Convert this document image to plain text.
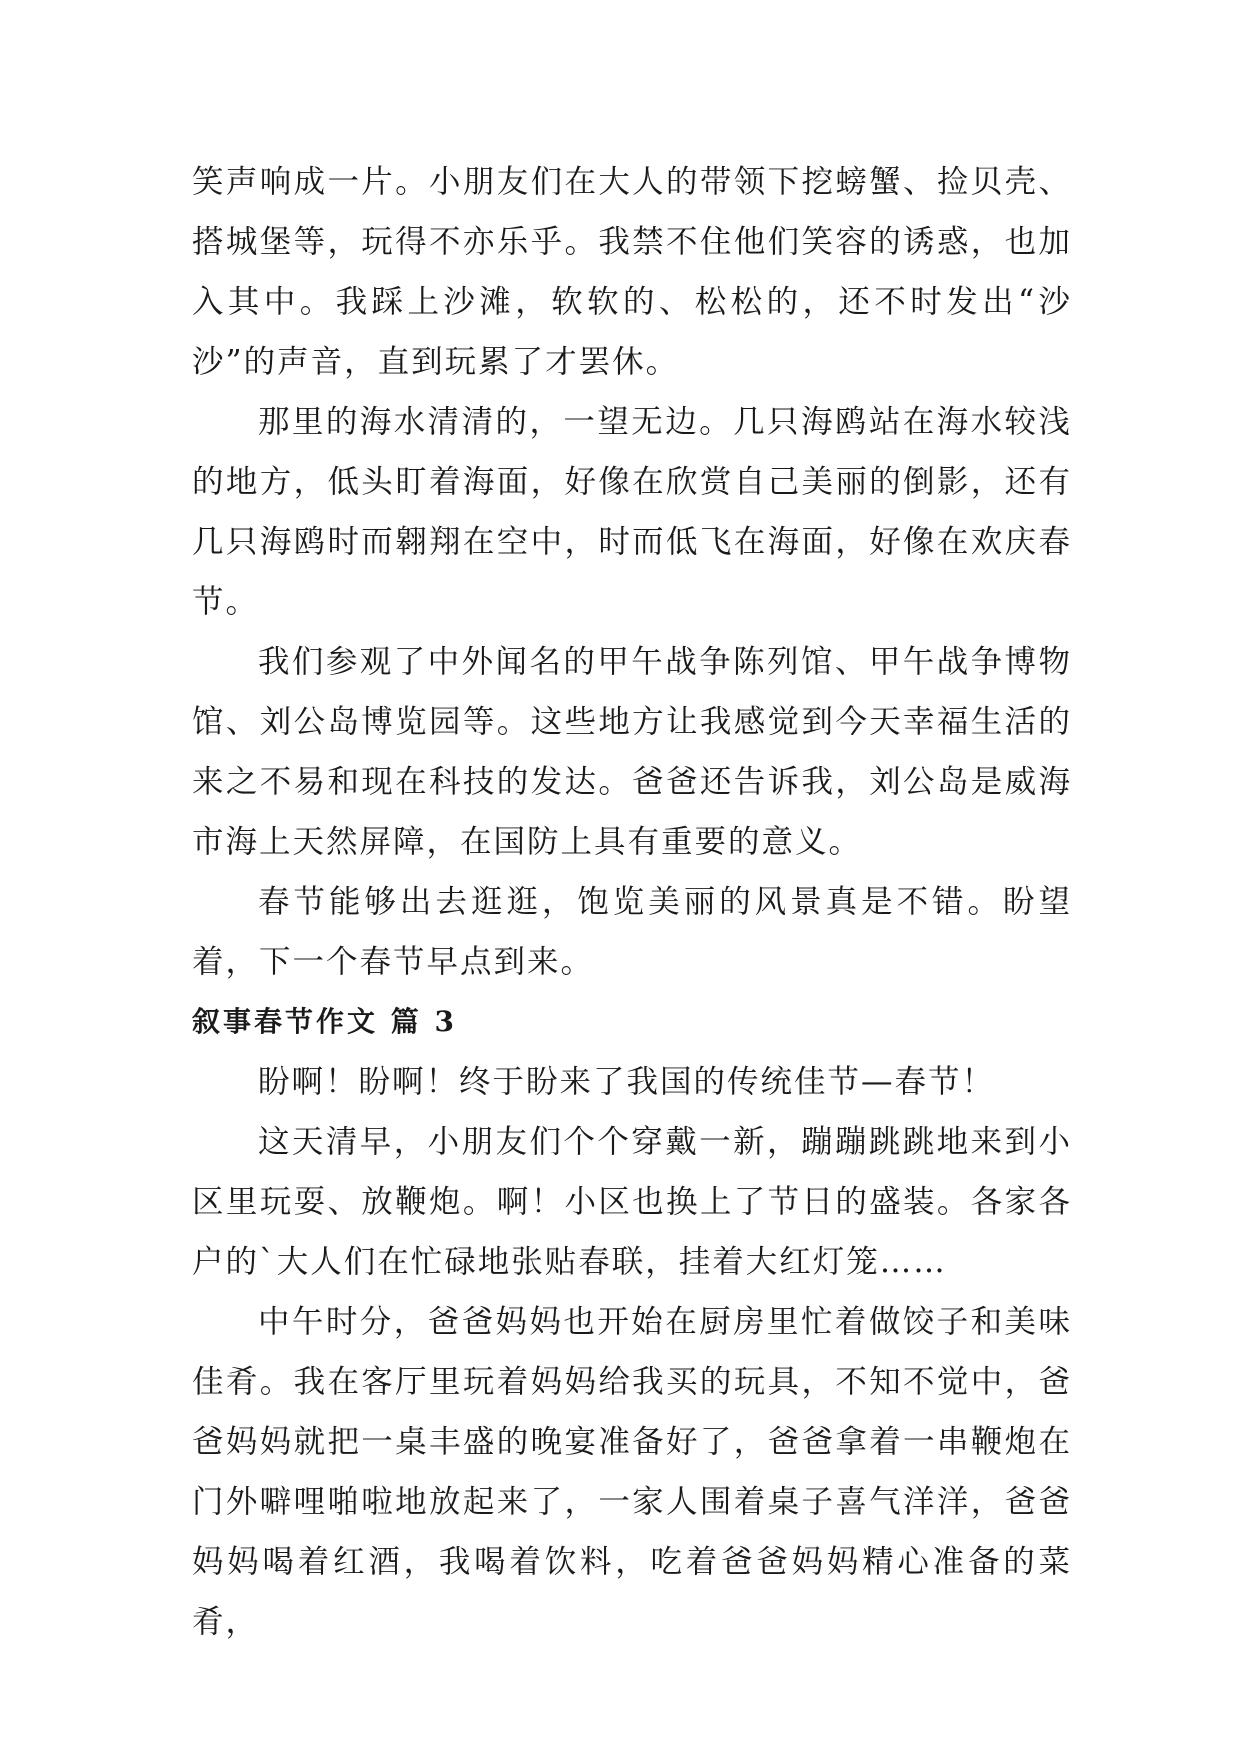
笑声响成一片。小朋友们在大人的带领下挖螃蟹、捡贝壳、搭城堡等，玩得不亦乐乎。我禁不住他们笑容的诱惑，也加入其中。我踩上沙滩，软软的、松松的，还不时发出“沙沙”的声音，直到玩累了才罢休。

那里的海水清清的，一望无边。几只海鸥站在海水较浅的地方，低头盯着海面，好像在欣赏自己美丽的倒影，还有几只海鸥时而翱翔在空中，时而低飞在海面，好像在欢庆春节。

我们参观了中外闻名的甲午战争陈列馆、甲午战争博物馆、刘公岛博览园等。这些地方让我感觉到今天幸福生活的来之不易和现在科技的发达。爸爸还告诉我，刘公岛是威海市海上天然屏障，在国防上具有重要的意义。

春节能够出去逛逛，饱览美丽的风景真是不错。盼望着，下一个春节早点到来。

叙事春节作文 篇 3

盼啊！盼啊！终于盼来了我国的传统佳节—春节！

这天清早，小朋友们个个穿戴一新，蹦蹦跳跳地来到小区里玩耍、放鞭炮。啊！小区也换上了节日的盛装。各家各户的`大人们在忙碌地张贴春联，挂着大红灯笼……

中午时分，爸爸妈妈也开始在厨房里忙着做饺子和美味佳肴。我在客厅里玩着妈妈给我买的玩具，不知不觉中，爸爸妈妈就把一桌丰盛的晚宴准备好了，爸爸拿着一串鞭炮在门外噼哩啪啦地放起来了，一家人围着桌子喜气洋洋，爸爸妈妈喝着红酒，我喝着饮料，吃着爸爸妈妈精心准备的菜肴，
